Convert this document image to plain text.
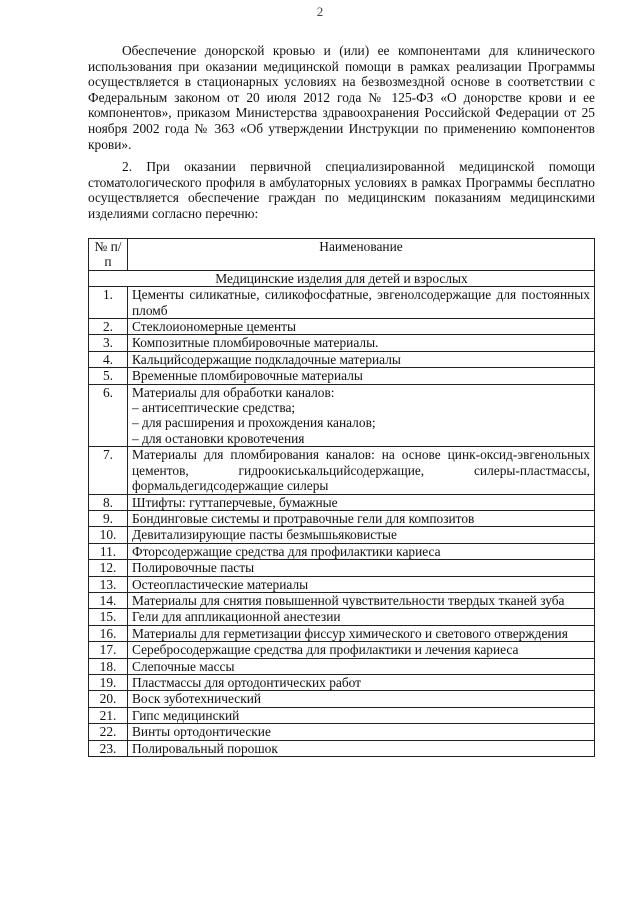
2

Обеспечение донорской кровью и (или) ее компонентами для клинического использования при оказании медицинской помощи в рамках реализации Программы осуществляется в стационарных условиях на безвозмездной основе в соответствии с Федеральным законом от 20 июля 2012 года № 125-ФЗ «О донорстве крови и ее компонентов», приказом Министерства здравоохранения Российской Федерации от 25 ноября 2002 года № 363 «Об утверждении Инструкции по применению компонентов крови».

2. При оказании первичной специализированной медицинской помощи стоматологического профиля в амбулаторных условиях в рамках Программы бесплатно осуществляется обеспечение граждан по медицинским показаниям медицинскими изделиями согласно перечню:

№ п/п	Наименование
Медицинские изделия для детей и взрослых	
1.	Цементы силикатные, силикофосфатные, эвгенолсодержащие для постоянных пломб
2.	Стеклоиономерные цементы
3.	Композитные пломбировочные материалы.
4.	Кальцийсодержащие подкладочные материалы
5.	Временные пломбировочные материалы
6.	Материалы для обработки каналов:
– антисептические средства;
– для расширения и прохождения каналов;
– для остановки кровотечения

7.	Материалы для пломбирования каналов: на основе цинк-оксид-эвгенольных цементов, гидроокиськальцийсодержащие, силеры-пластмассы, формальдегидсодержащие силеры
8.	Штифты: гуттаперчевые, бумажные
9.	Бондинговые системы и протравочные гели для композитов
10.	Девитализирующие пасты безмышьяковистые
11.	Фторсодержащие средства для профилактики кариеса
12.	Полировочные пасты
13.	Остеопластические материалы
14.	Материалы для снятия повышенной чувствительности твердых тканей зуба
15.	Гели для аппликационной анестезии
16.	Материалы для герметизации фиссур химического и светового отверждения
17.	Серебросодержащие средства для профилактики и лечения кариеса
18.	Слепочные массы
19.	Пластмассы для ортодонтических работ
20.	Воск зуботехнический
21.	Гипс медицинский
22.	Винты ортодонтические
23.	Полировальный порошок
